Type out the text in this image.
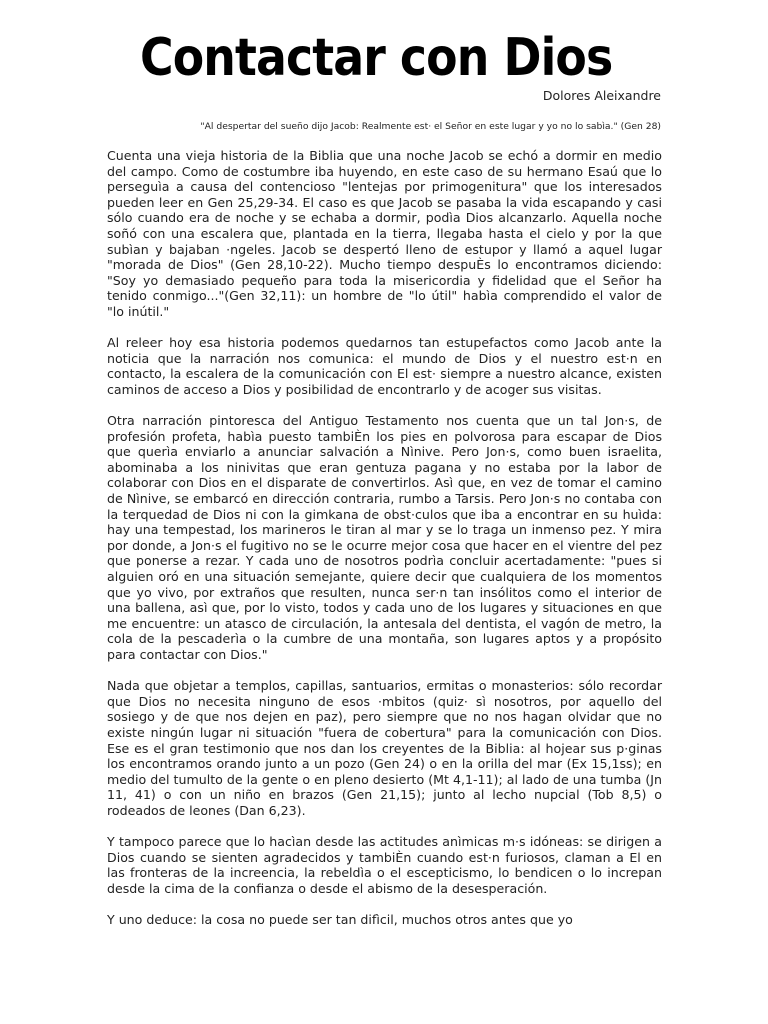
Contactar con Dios
Dolores Aleixandre
"Al despertar del sueño dijo Jacob: Realmente est· el Señor en este lugar y yo no lo sabìa." (Gen 28)

Cuenta una vieja historia de la Biblia que una noche Jacob se echó a dormir en medio del campo. Como de costumbre iba huyendo, en este caso de su hermano Esaú que lo perseguìa a causa del contencioso "lentejas por primogenitura" que los interesados pueden leer en Gen 25,29-34. El caso es que Jacob se pasaba la vida escapando y casi sólo cuando era de noche y se echaba a dormir, podìa Dios alcanzarlo. Aquella noche soñó con una escalera que, plantada en la tierra, llegaba hasta el cielo y por la que subìan y bajaban ·ngeles. Jacob se despertó lleno de estupor y llamó a aquel lugar "morada de Dios" (Gen 28,10-22). Mucho tiempo despuÈs lo encontramos diciendo: "Soy yo demasiado pequeño para toda la misericordia y fidelidad que el Señor ha tenido conmigo..."(Gen 32,11): un hombre de "lo útil" habìa comprendido el valor de "lo inútil."

Al releer hoy esa historia podemos quedarnos tan estupefactos como Jacob ante la noticia que la narración nos comunica: el mundo de Dios y el nuestro est·n en contacto, la escalera de la comunicación con El est· siempre a nuestro alcance, existen caminos de acceso a Dios y posibilidad de encontrarlo y de acoger sus visitas.

Otra narración pintoresca del Antiguo Testamento nos cuenta que un tal Jon·s, de profesión profeta, habìa puesto tambiÈn los pies en polvorosa para escapar de Dios que querìa enviarlo a anunciar salvación a Nìnive. Pero Jon·s, como buen israelita, abominaba a los ninivitas que eran gentuza pagana y no estaba por la labor de colaborar con Dios en el disparate de convertirlos. Asì que, en vez de tomar el camino de Nìnive, se embarcó en dirección contraria, rumbo a Tarsis. Pero Jon·s no contaba con la terquedad de Dios ni con la gimkana de obst·culos que iba a encontrar en su huìda: hay una tempestad, los marineros le tiran al mar y se lo traga un inmenso pez. Y mira por donde, a Jon·s el fugitivo no se le ocurre mejor cosa que hacer en el vientre del pez que ponerse a rezar. Y cada uno de nosotros podrìa concluir acertadamente: "pues si alguien oró en una situación semejante, quiere decir que cualquiera de los momentos que yo vivo, por extraños que resulten, nunca ser·n tan insólitos como el interior de una ballena, asì que, por lo visto, todos y cada uno de los lugares y situaciones en que me encuentre: un atasco de circulación, la antesala del dentista, el vagón de metro, la cola de la pescaderìa o la cumbre de una montaña, son lugares aptos y a propósito para contactar con Dios."

Nada que objetar a templos, capillas, santuarios, ermitas o monasterios: sólo recordar que Dios no necesita ninguno de esos ·mbitos (quiz· sì nosotros, por aquello del sosiego y de que nos dejen en paz), pero siempre que no nos hagan olvidar que no existe ningún lugar ni situación "fuera de cobertura" para la comunicación con Dios. Ese es el gran testimonio que nos dan los creyentes de la Biblia: al hojear sus p·ginas los encontramos orando junto a un pozo (Gen 24) o en la orilla del mar (Ex 15,1ss); en medio del tumulto de la gente o en pleno desierto (Mt 4,1-11); al lado de una tumba (Jn 11, 41) o con un niño en brazos (Gen 21,15); junto al lecho nupcial (Tob 8,5) o rodeados de leones (Dan 6,23).

Y tampoco parece que lo hacìan desde las actitudes anìmicas m·s idóneas: se dirigen a Dios cuando se sienten agradecidos y tambiÈn cuando est·n furiosos, claman a El en las fronteras de la increencia, la rebeldìa o el escepticismo, lo bendicen o lo increpan desde la cima de la confianza o desde el abismo de la desesperación.

Y uno deduce: la cosa no puede ser tan difìcil, muchos otros antes que yo
